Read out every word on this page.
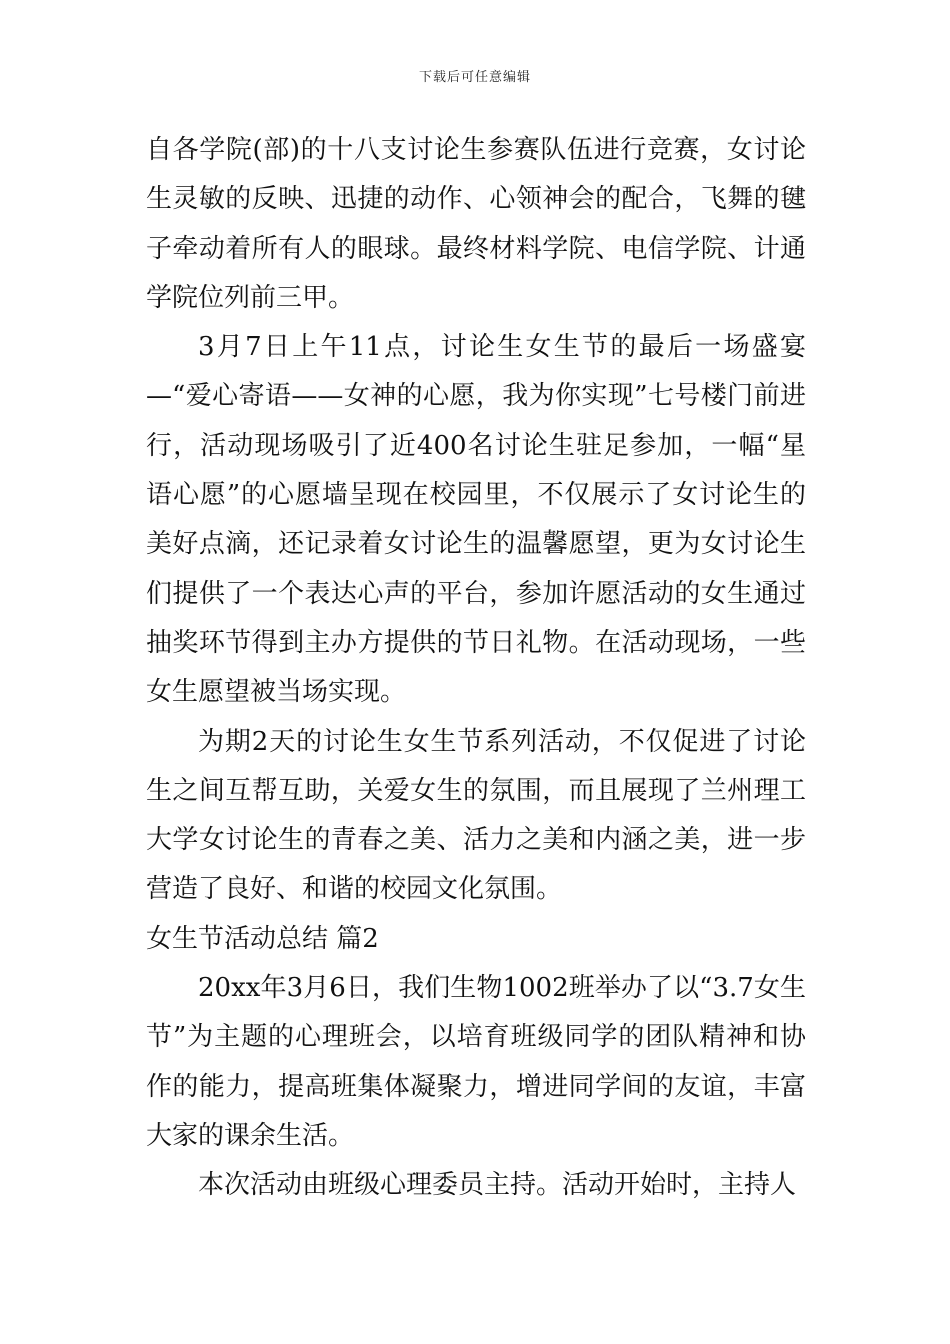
下载后可任意编辑

自各学院(部)的十八支讨论生参赛队伍进行竞赛，女讨论生灵敏的反映、迅捷的动作、心领神会的配合，飞舞的毽子牵动着所有人的眼球。最终材料学院、电信学院、计通学院位列前三甲。

3月7日上午11点，讨论生女生节的最后一场盛宴—“爱心寄语——女神的心愿，我为你实现”七号楼门前进行，活动现场吸引了近400名讨论生驻足参加，一幅“星语心愿”的心愿墙呈现在校园里，不仅展示了女讨论生的美好点滴，还记录着女讨论生的温馨愿望，更为女讨论生们提供了一个表达心声的平台，参加许愿活动的女生通过抽奖环节得到主办方提供的节日礼物。在活动现场，一些女生愿望被当场实现。

为期2天的讨论生女生节系列活动，不仅促进了讨论生之间互帮互助，关爱女生的氛围，而且展现了兰州理工大学女讨论生的青春之美、活力之美和内涵之美，进一步营造了良好、和谐的校园文化氛围。

女生节活动总结 篇2

20xx年3月6日，我们生物1002班举办了以“3.7女生节”为主题的心理班会，以培育班级同学的团队精神和协作的能力，提高班集体凝聚力，增进同学间的友谊，丰富大家的课余生活。

本次活动由班级心理委员主持。活动开始时，主持人
